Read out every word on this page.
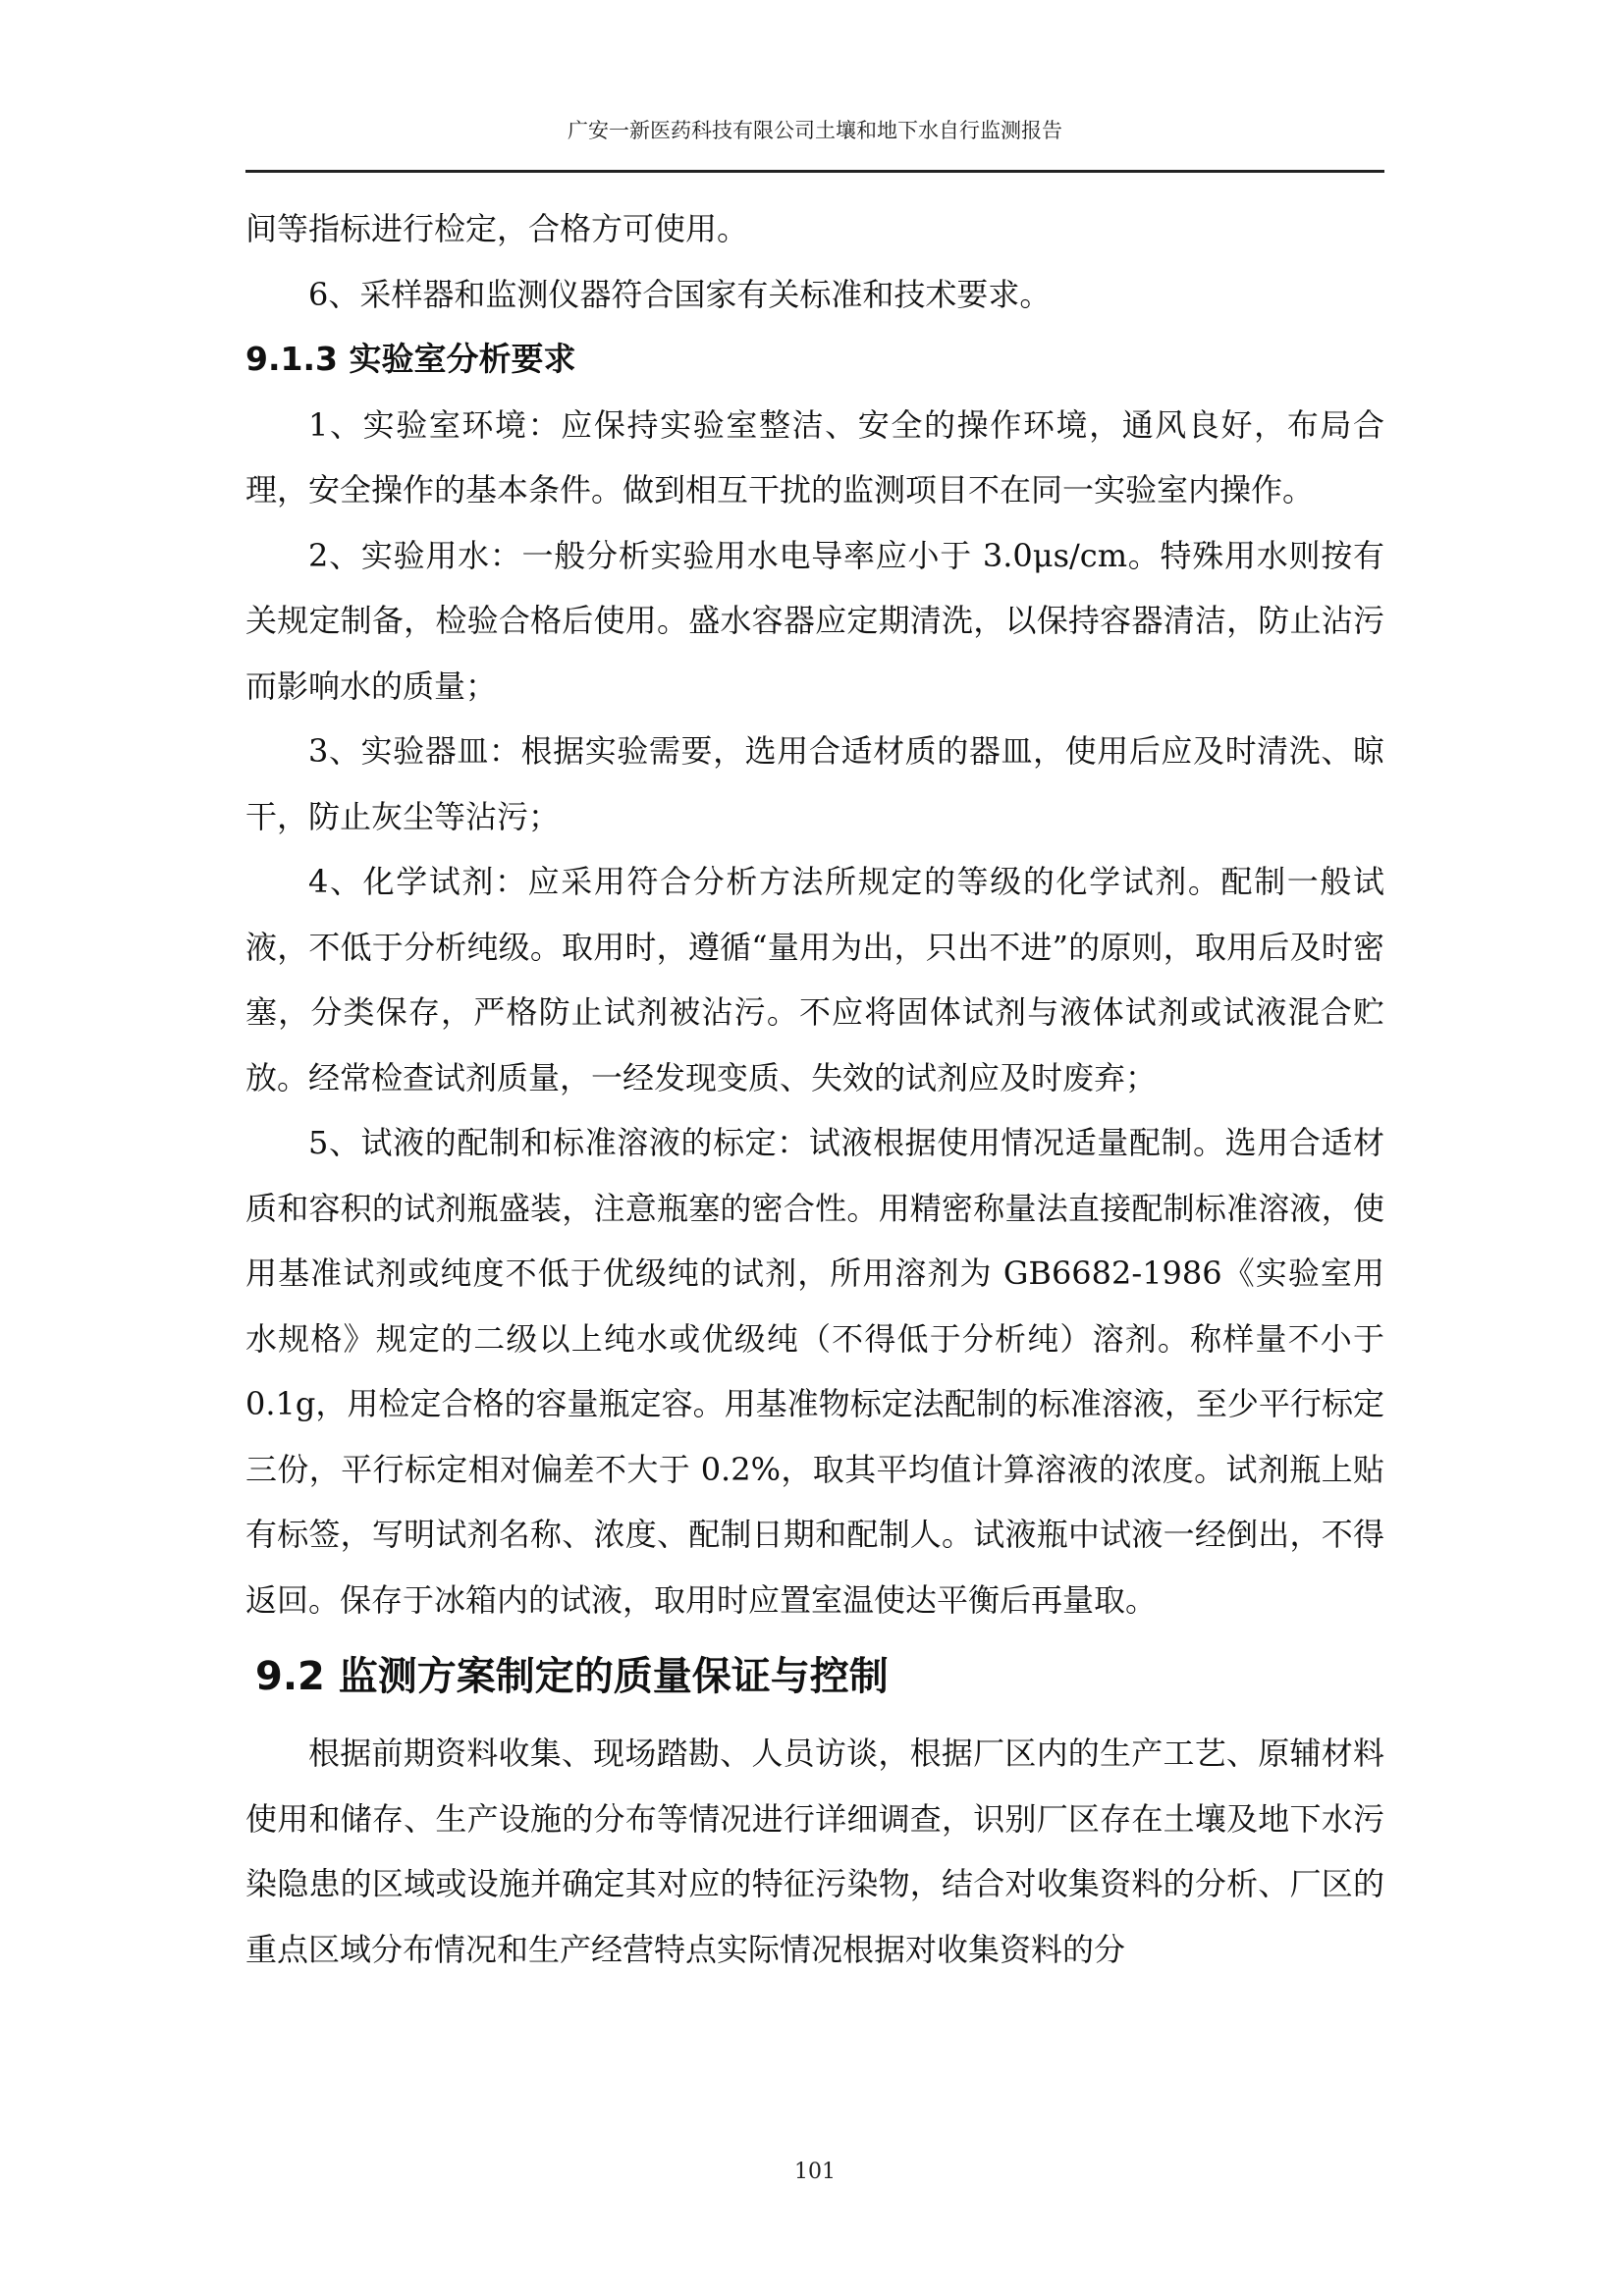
广安一新医药科技有限公司土壤和地下水自行监测报告

间等指标进行检定，合格方可使用。

6、采样器和监测仪器符合国家有关标准和技术要求。

9.1.3 实验室分析要求

1、实验室环境：应保持实验室整洁、安全的操作环境，通风良好，布局合理，安全操作的基本条件。做到相互干扰的监测项目不在同一实验室内操作。

2、实验用水：一般分析实验用水电导率应小于 3.0μs/cm。特殊用水则按有关规定制备，检验合格后使用。盛水容器应定期清洗，以保持容器清洁，防止沾污而影响水的质量；

3、实验器皿：根据实验需要，选用合适材质的器皿，使用后应及时清洗、晾干，防止灰尘等沾污；

4、化学试剂：应采用符合分析方法所规定的等级的化学试剂。配制一般试液，不低于分析纯级。取用时，遵循“量用为出，只出不进”的原则，取用后及时密塞，分类保存，严格防止试剂被沾污。不应将固体试剂与液体试剂或试液混合贮放。经常检查试剂质量，一经发现变质、失效的试剂应及时废弃；

5、试液的配制和标准溶液的标定：试液根据使用情况适量配制。选用合适材质和容积的试剂瓶盛装，注意瓶塞的密合性。用精密称量法直接配制标准溶液，使用基准试剂或纯度不低于优级纯的试剂，所用溶剂为 GB6682-1986《实验室用水规格》规定的二级以上纯水或优级纯（不得低于分析纯）溶剂。称样量不小于 0.1g，用检定合格的容量瓶定容。用基准物标定法配制的标准溶液，至少平行标定三份，平行标定相对偏差不大于 0.2%，取其平均值计算溶液的浓度。试剂瓶上贴有标签，写明试剂名称、浓度、配制日期和配制人。试液瓶中试液一经倒出，不得返回。保存于冰箱内的试液，取用时应置室温使达平衡后再量取。

9.2 监测方案制定的质量保证与控制

根据前期资料收集、现场踏勘、人员访谈，根据厂区内的生产工艺、原辅材料使用和储存、生产设施的分布等情况进行详细调查，识别厂区存在土壤及地下水污染隐患的区域或设施并确定其对应的特征污染物，结合对收集资料的分析、厂区的重点区域分布情况和生产经营特点实际情况根据对收集资料的分

101
